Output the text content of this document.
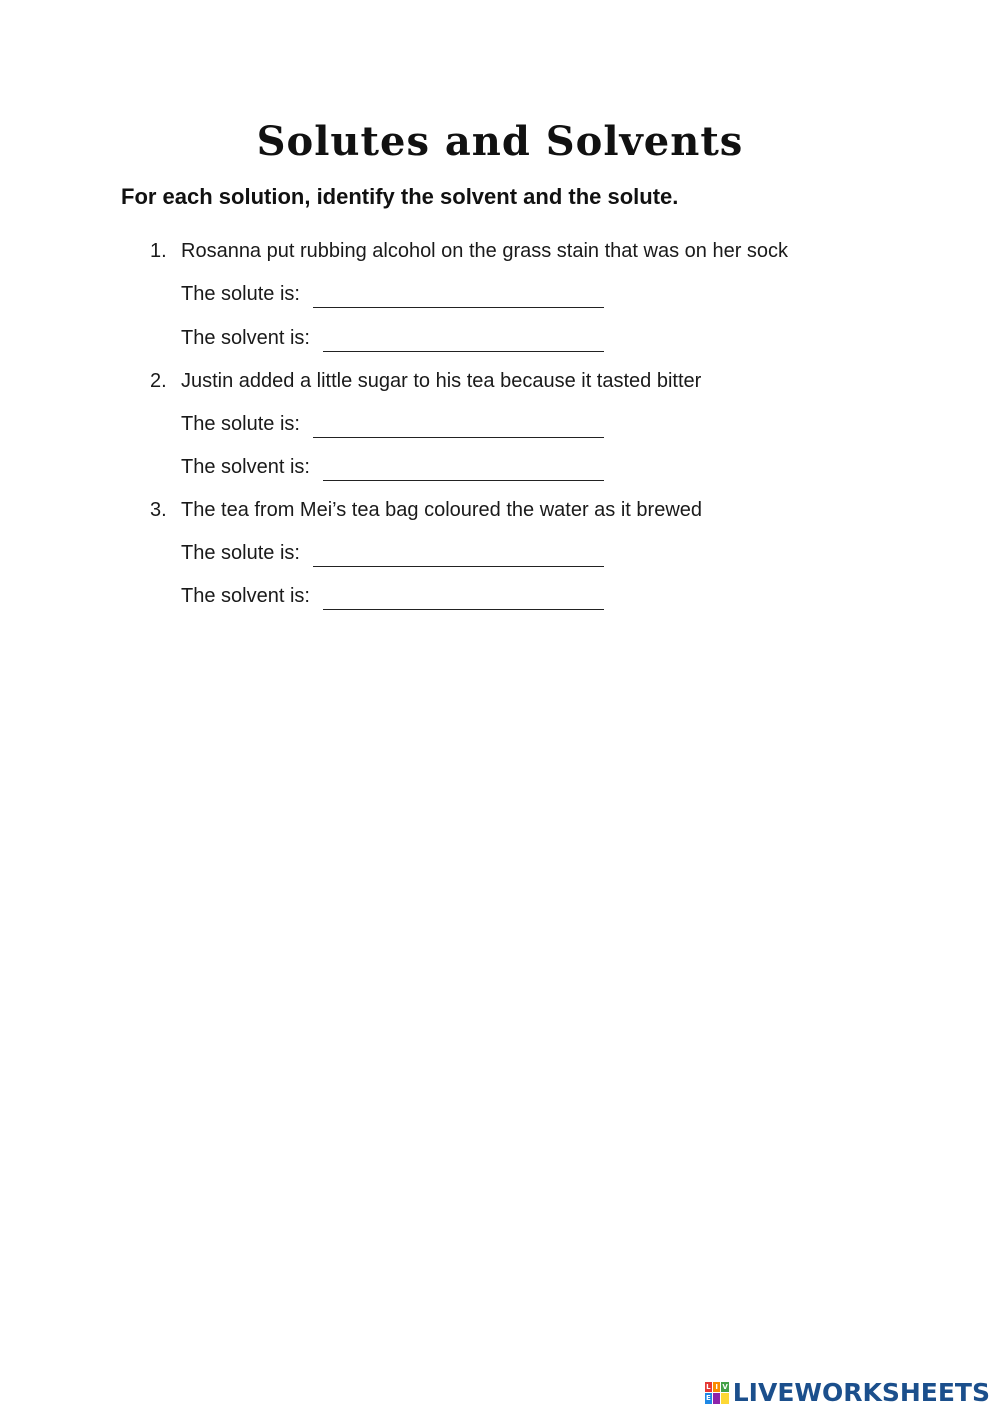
Solutes and Solvents

For each solution, identify the solvent and the solute.

1. Rosanna put rubbing alcohol on the grass stain that was on her sock
The solute is:
The solvent is:
2. Justin added a little sugar to his tea because it tasted bitter
The solute is:
The solvent is:
3. The tea from Mei’s tea bag coloured the water as it brewed
The solute is:
The solvent is:
L I V
E LIVEWORKSHEETS
